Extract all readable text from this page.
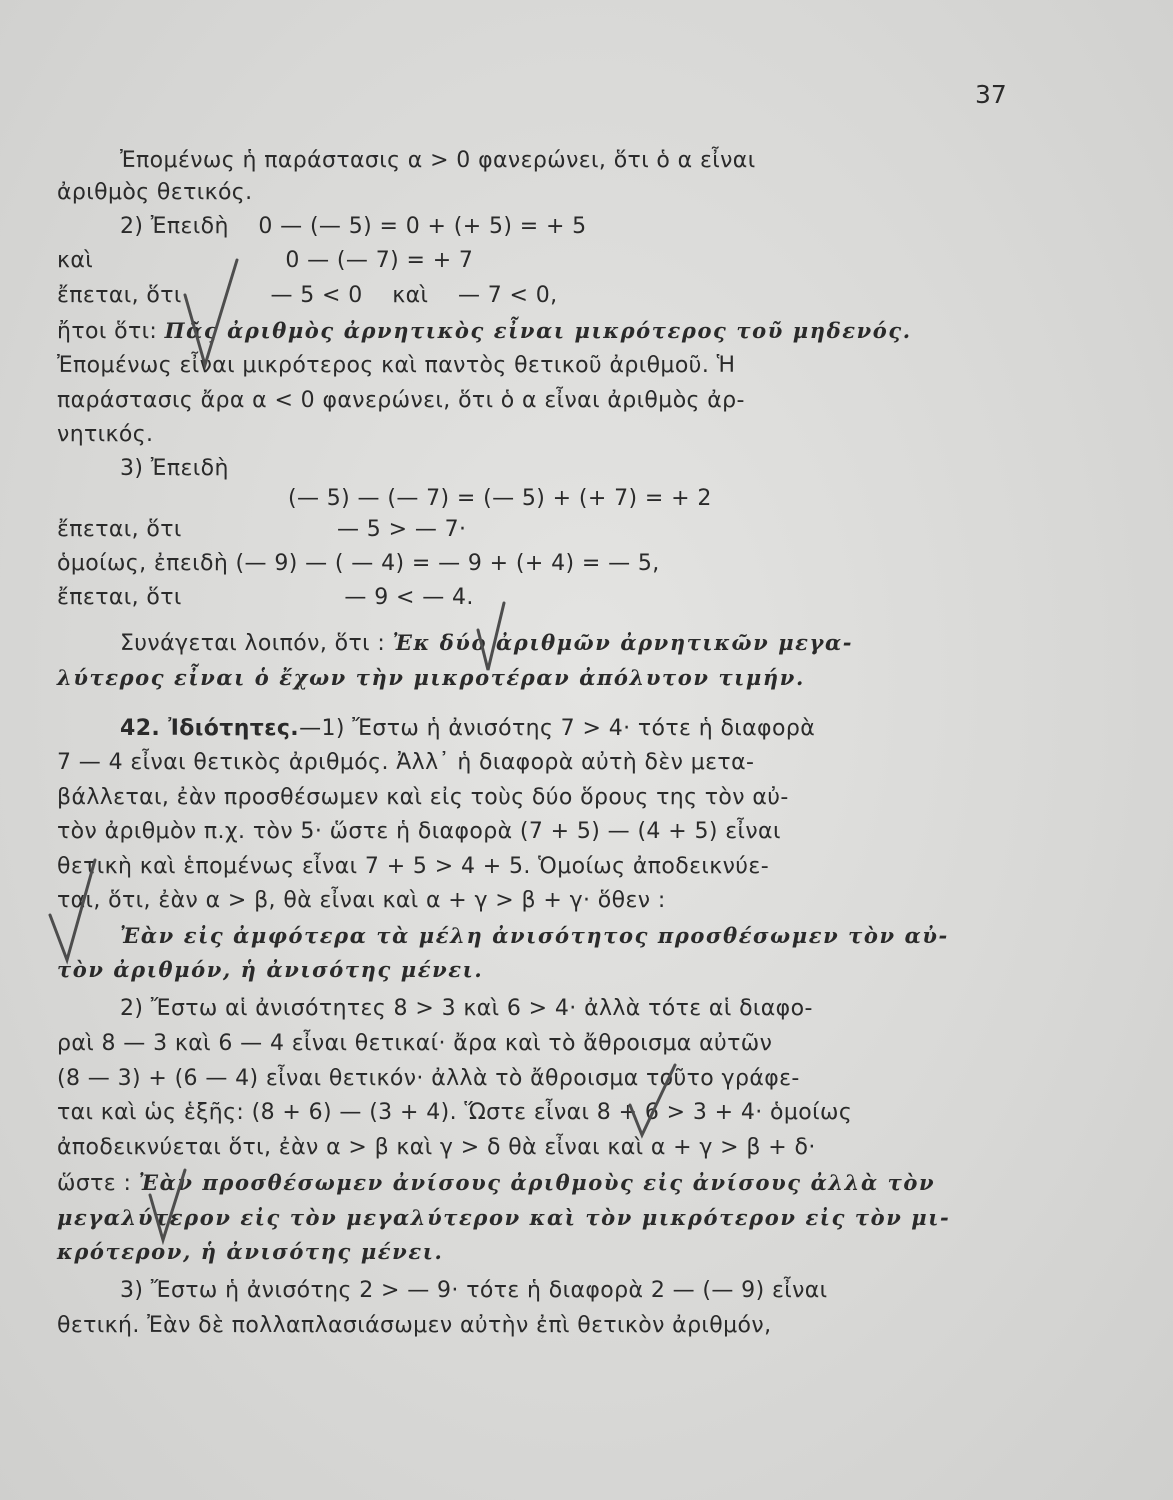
37
Ἐπομένως ἡ παράστασις α > 0 φανερώνει, ὅτι ὁ α εἶναι
ἀριθμὸς θετικός.
2) Ἐπειδὴ    0 — (— 5) = 0 + (+ 5) = + 5
καὶ                          0 — (— 7) = + 7
ἔπεται, ὅτι            — 5 < 0    καὶ    — 7 < 0,
ἤτοι ὅτι: Πᾶς ἀριθμὸς ἀρνητικὸς εἶναι μικρότερος τοῦ μηδενός.
Ἐπομένως εἶναι μικρότερος καὶ παντὸς θετικοῦ ἀριθμοῦ. Ἡ
παράστασις ἄρα α < 0 φανερώνει, ὅτι ὁ α εἶναι ἀριθμὸς ἀρ-
νητικός.
3) Ἐπειδὴ
(— 5) — (— 7) = (— 5) + (+ 7) = + 2
ἔπεται, ὅτι                     — 5 > — 7·
ὁμοίως, ἐπειδὴ (— 9) — ( — 4) = — 9 + (+ 4) = — 5,
ἔπεται, ὅτι                      — 9 < — 4.
Συνάγεται λοιπόν, ὅτι : Ἐκ δύο ἀριθμῶν ἀρνητικῶν μεγα-
λύτερος εἶναι ὁ ἔχων τὴν μικροτέραν ἀπόλυτον τιμήν.
42. Ἰδιότητες.—1) Ἔστω ἡ ἀνισότης 7 > 4· τότε ἡ διαφορὰ
7 — 4 εἶναι θετικὸς ἀριθμός. Ἀλλ᾽ ἡ διαφορὰ αὐτὴ δὲν μετα-
βάλλεται, ἐὰν προσθέσωμεν καὶ εἰς τοὺς δύο ὅρους της τὸν αὐ-
τὸν ἀριθμὸν π.χ. τὸν 5· ὥστε ἡ διαφορὰ (7 + 5) — (4 + 5) εἶναι
θετικὴ καὶ ἑπομένως εἶναι 7 + 5 > 4 + 5. Ὁμοίως ἀποδεικνύε-
ται, ὅτι, ἐὰν α > β, θὰ εἶναι καὶ α + γ > β + γ· ὅθεν :
Ἐὰν εἰς ἀμφότερα τὰ μέλη ἀνισότητος προσθέσωμεν τὸν αὐ-
τὸν ἀριθμόν, ἡ ἀνισότης μένει.
2) Ἔστω αἱ ἀνισότητες 8 > 3 καὶ 6 > 4· ἀλλὰ τότε αἱ διαφο-
ραὶ 8 — 3 καὶ 6 — 4 εἶναι θετικαί· ἄρα καὶ τὸ ἄθροισμα αὐτῶν
(8 — 3) + (6 — 4) εἶναι θετικόν· ἀλλὰ τὸ ἄθροισμα τοῦτο γράφε-
ται καὶ ὡς ἑξῆς: (8 + 6) — (3 + 4). Ὥστε εἶναι 8 + 6 > 3 + 4· ὁμοίως
ἀποδεικνύεται ὅτι, ἐὰν α > β καὶ γ > δ θὰ εἶναι καὶ α + γ > β + δ·
ὥστε : Ἐὰν προσθέσωμεν ἀνίσους ἀριθμοὺς εἰς ἀνίσους ἀλλὰ τὸν
μεγαλύτερον εἰς τὸν μεγαλύτερον καὶ τὸν μικρότερον εἰς τὸν μι-
κρότερον, ἡ ἀνισότης μένει.
3) Ἔστω ἡ ἀνισότης 2 > — 9· τότε ἡ διαφορὰ 2 — (— 9) εἶναι
θετική. Ἐὰν δὲ πολλαπλασιάσωμεν αὐτὴν ἐπὶ θετικὸν ἀριθμόν,
